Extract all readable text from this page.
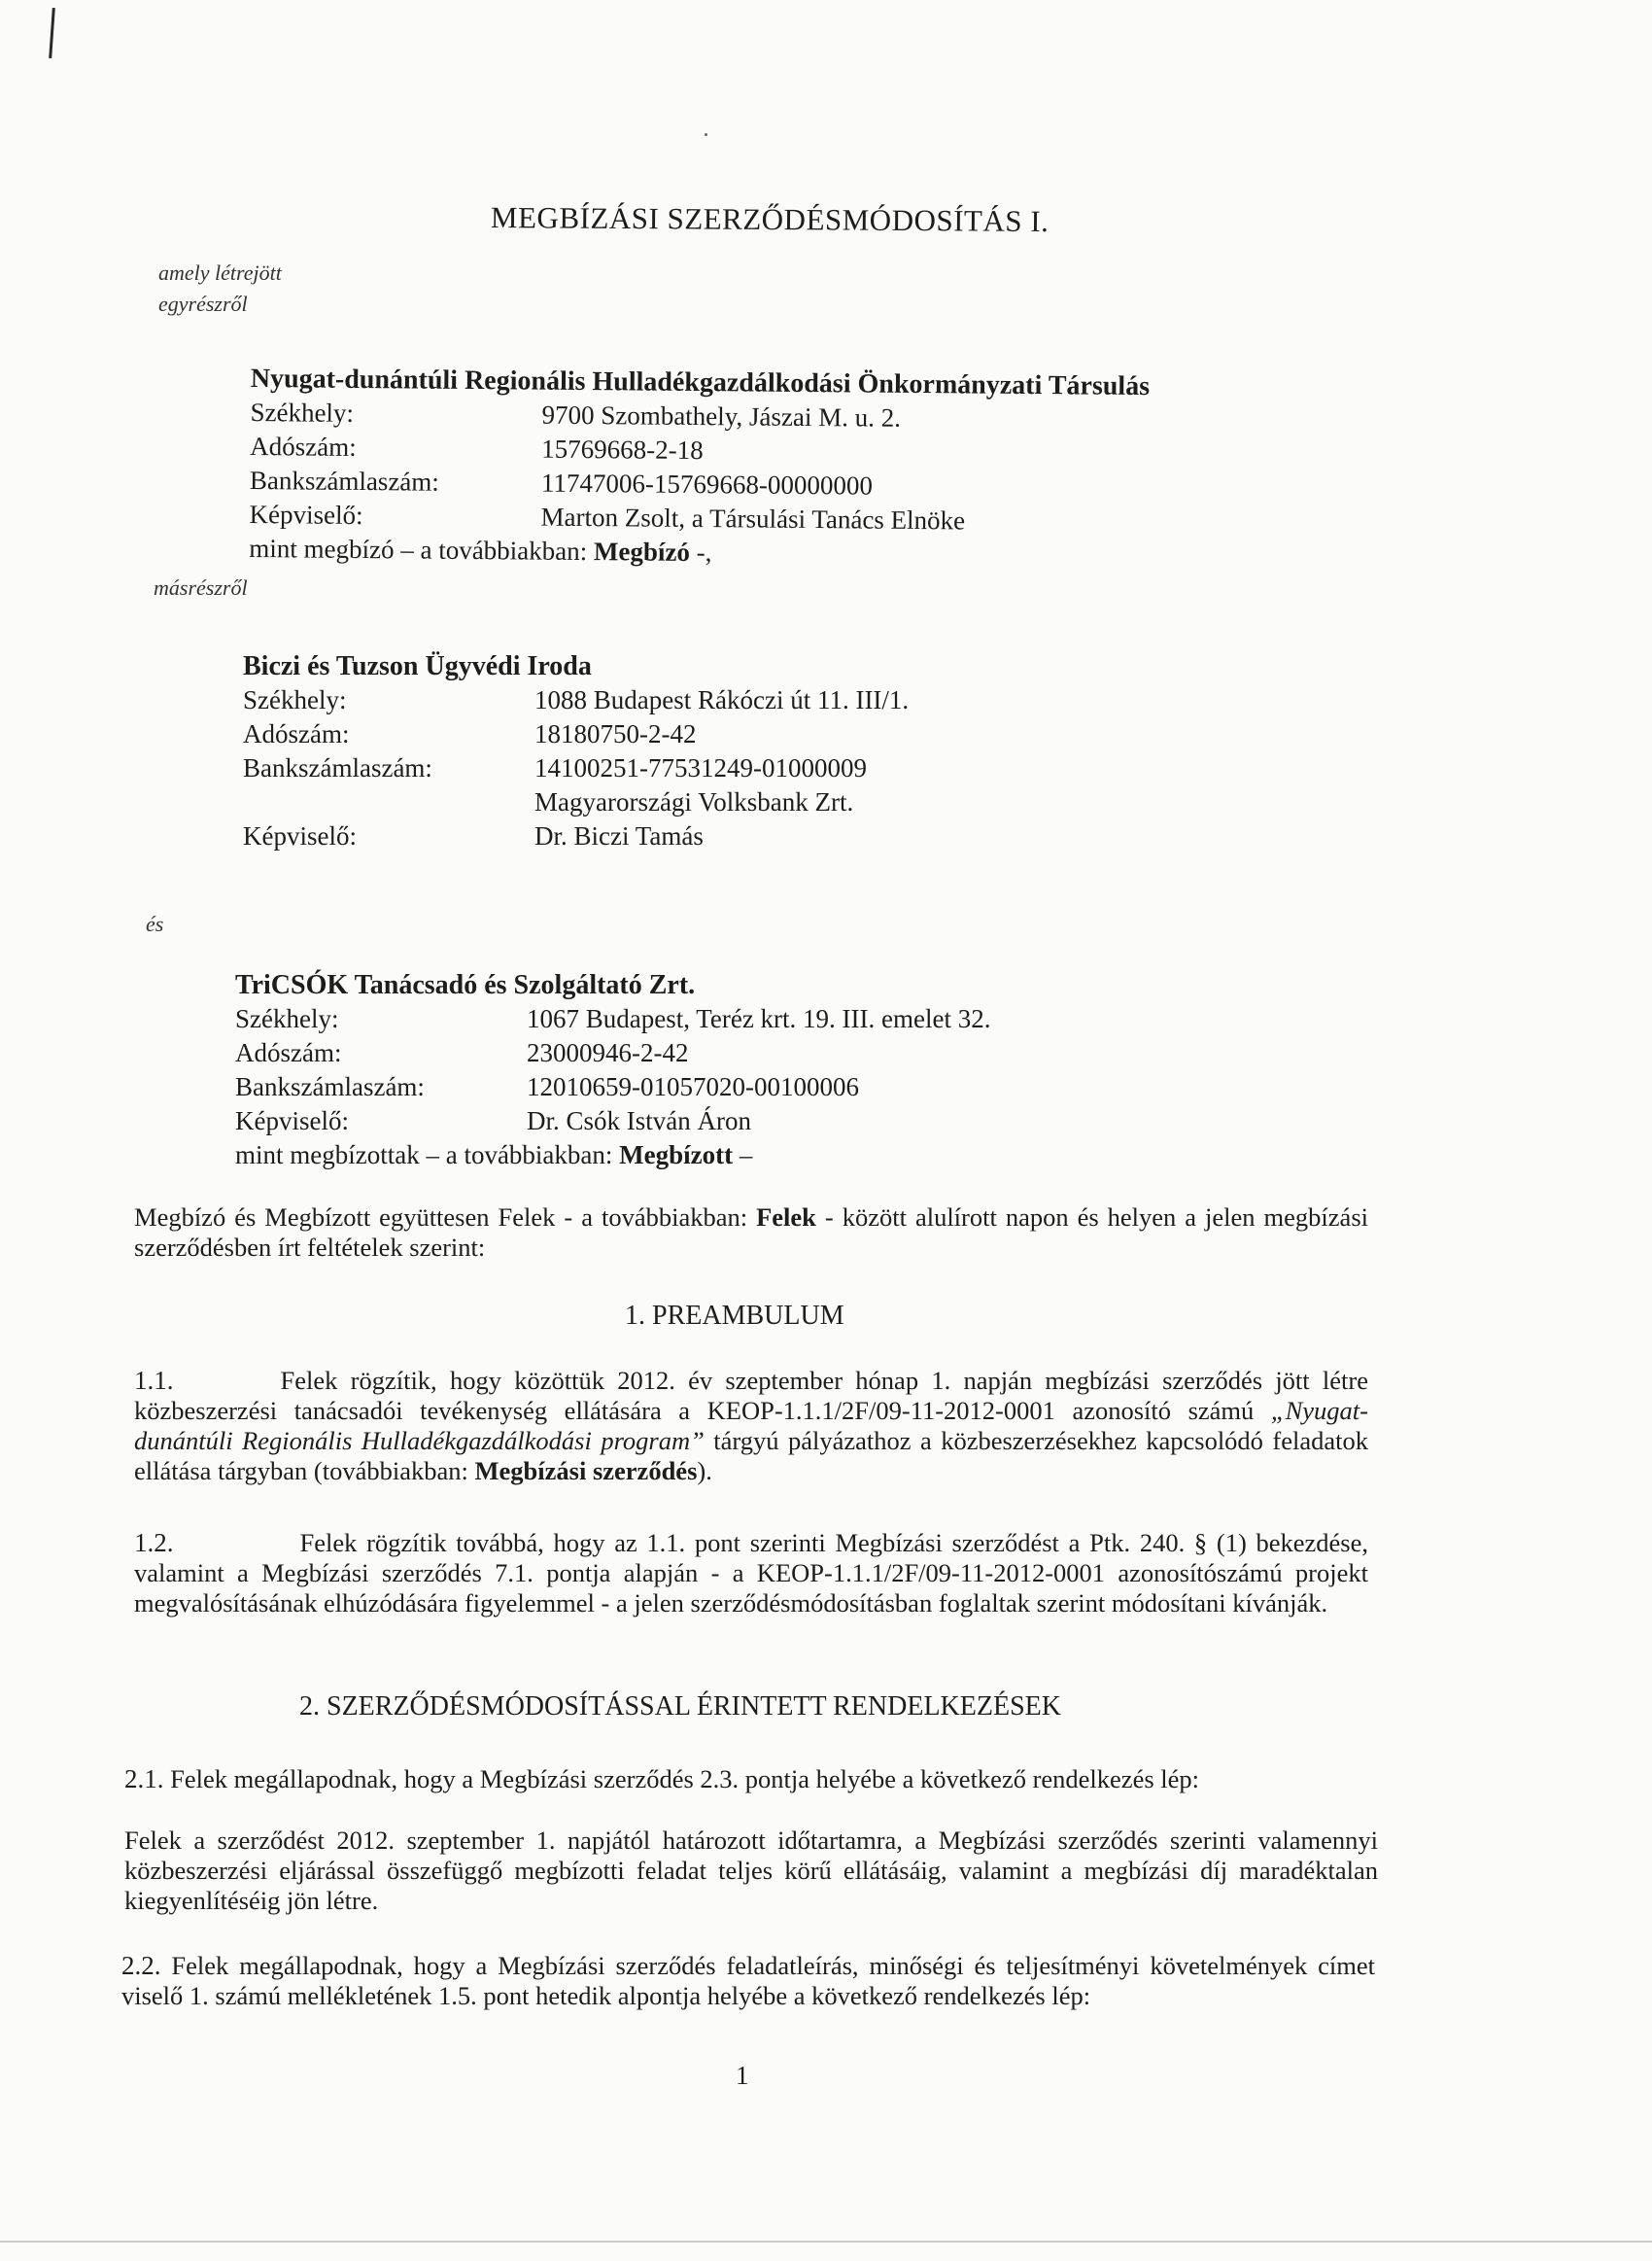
MEGBÍZÁSI SZERZŐDÉSMÓDOSÍTÁS I.
amely létrejött
egyrészről
Nyugat-dunántúli Regionális Hulladékgazdálkodási Önkormányzati Társulás
Székhely:	9700 Szombathely, Jászai M. u. 2.
Adószám:	15769668-2-18
Bankszámlaszám:	11747006-15769668-00000000
Képviselő:	Marton Zsolt, a Társulási Tanács Elnöke
mint megbízó – a továbbiakban: Megbízó -,
másrészről
Biczi és Tuzson Ügyvédi Iroda
Székhely:	1088 Budapest Rákóczi út 11. III/1.
Adószám:	18180750-2-42
Bankszámlaszám:	14100251-77531249-01000009
Magyarországi Volksbank Zrt.
Képviselő:	Dr. Biczi Tamás
és
TriCSÓK Tanácsadó és Szolgáltató Zrt.
Székhely:	1067 Budapest, Teréz krt. 19. III. emelet 32.
Adószám:	23000946-2-42
Bankszámlaszám:	12010659-01057020-00100006
Képviselő:	Dr. Csók István Áron
mint megbízottak – a továbbiakban: Megbízott –
Megbízó és Megbízott együttesen Felek - a továbbiakban: Felek - között alulírott napon és helyen a jelen megbízási szerződésben írt feltételek szerint:
1. PREAMBULUM
1.1.	Felek rögzítik, hogy közöttük 2012. év szeptember hónap 1. napján megbízási szerződés jött létre közbeszerzési tanácsadói tevékenység ellátására a KEOP-1.1.1/2F/09-11-2012-0001 azonosító számú „Nyugat-dunántúli Regionális Hulladékgazdálkodási program” tárgyú pályázathoz a közbeszerzésekhez kapcsolódó feladatok ellátása tárgyban (továbbiakban: Megbízási szerződés).
1.2.	Felek rögzítik továbbá, hogy az 1.1. pont szerinti Megbízási szerződést a Ptk. 240. § (1) bekezdése, valamint a Megbízási szerződés 7.1. pontja alapján - a KEOP-1.1.1/2F/09-11-2012-0001 azonosítószámú projekt megvalósításának elhúzódására figyelemmel - a jelen szerződésmódosításban foglaltak szerint módosítani kívánják.
2. SZERZŐDÉSMÓDOSÍTÁSSAL ÉRINTETT RENDELKEZÉSEK
2.1. Felek megállapodnak, hogy a Megbízási szerződés 2.3. pontja helyébe a következő rendelkezés lép:
Felek a szerződést 2012. szeptember 1. napjától határozott időtartamra, a Megbízási szerződés szerinti valamennyi közbeszerzési eljárással összefüggő megbízotti feladat teljes körű ellátásáig, valamint a megbízási díj maradéktalan kiegyenlítéséig jön létre.
2.2. Felek megállapodnak, hogy a Megbízási szerződés feladatleírás, minőségi és teljesítményi követelmények címet viselő 1. számú mellékletének 1.5. pont hetedik alpontja helyébe a következő rendelkezés lép:
1
